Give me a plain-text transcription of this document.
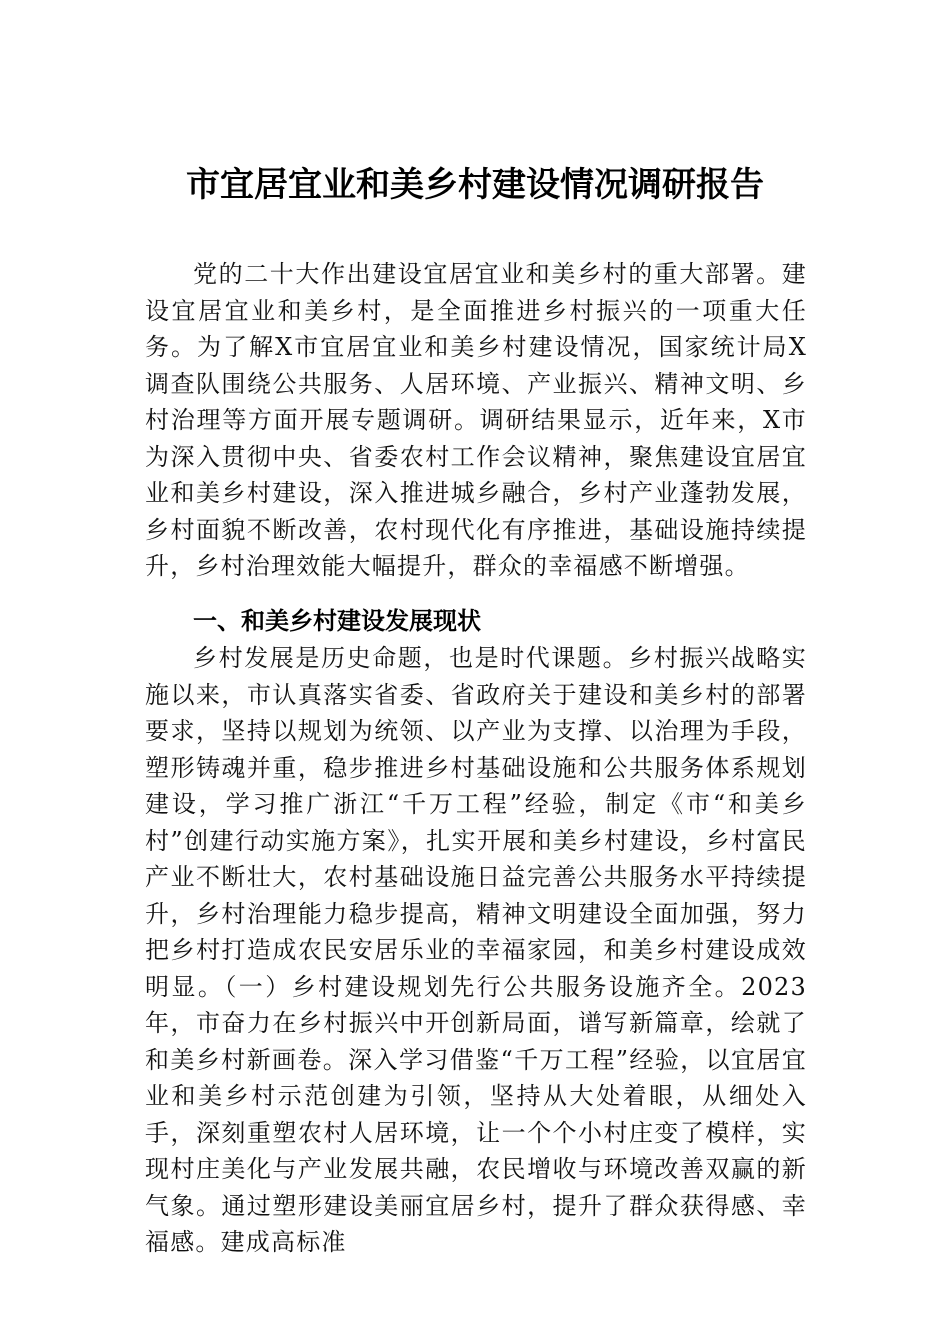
市宜居宜业和美乡村建设情况调研报告

党的二十大作出建设宜居宜业和美乡村的重大部署。建设宜居宜业和美乡村，是全面推进乡村振兴的一项重大任务。为了解X市宜居宜业和美乡村建设情况，国家统计局X调查队围绕公共服务、人居环境、产业振兴、精神文明、乡村治理等方面开展专题调研。调研结果显示，近年来，X市为深入贯彻中央、省委农村工作会议精神，聚焦建设宜居宜业和美乡村建设，深入推进城乡融合，乡村产业蓬勃发展，乡村面貌不断改善，农村现代化有序推进，基础设施持续提升，乡村治理效能大幅提升，群众的幸福感不断增强。

一、和美乡村建设发展现状

乡村发展是历史命题，也是时代课题。乡村振兴战略实施以来，市认真落实省委、省政府关于建设和美乡村的部署要求，坚持以规划为统领、以产业为支撑、以治理为手段，塑形铸魂并重，稳步推进乡村基础设施和公共服务体系规划建设，学习推广浙江“千万工程”经验，制定《市“和美乡村”创建行动实施方案》，扎实开展和美乡村建设，乡村富民产业不断壮大，农村基础设施日益完善公共服务水平持续提升，乡村治理能力稳步提高，精神文明建设全面加强，努力把乡村打造成农民安居乐业的幸福家园，和美乡村建设成效明显。（一）乡村建设规划先行公共服务设施齐全。2023年，市奋力在乡村振兴中开创新局面，谱写新篇章，绘就了和美乡村新画卷。深入学习借鉴“千万工程”经验，以宜居宜业和美乡村示范创建为引领，坚持从大处着眼，从细处入手，深刻重塑农村人居环境，让一个个小村庄变了模样，实现村庄美化与产业发展共融，农民增收与环境改善双赢的新气象。通过塑形建设美丽宜居乡村，提升了群众获得感、幸福感。建成高标准
